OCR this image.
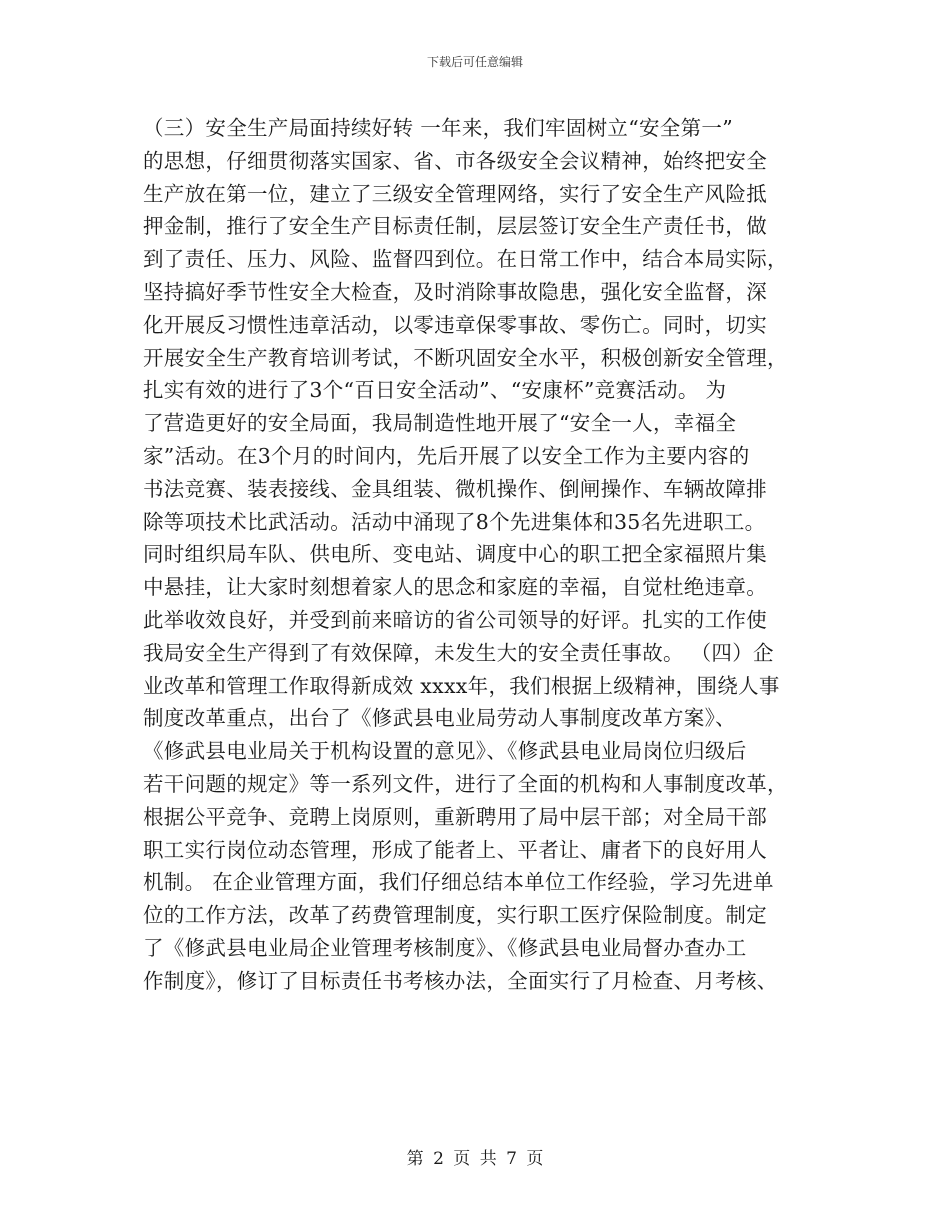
下载后可任意编辑
（三）安全生产局面持续好转 一年来，我们牢固树立“安全第一”
的思想，仔细贯彻落实国家、省、市各级安全会议精神，始终把安全
生产放在第一位，建立了三级安全管理网络，实行了安全生产风险抵
押金制，推行了安全生产目标责任制，层层签订安全生产责任书，做
到了责任、压力、风险、监督四到位。在日常工作中，结合本局实际，
坚持搞好季节性安全大检查，及时消除事故隐患，强化安全监督，深
化开展反习惯性违章活动，以零违章保零事故、零伤亡。同时，切实
开展安全生产教育培训考试，不断巩固安全水平，积极创新安全管理，
扎实有效的进行了3个“百日安全活动”、“安康杯”竞赛活动。 为
了营造更好的安全局面，我局制造性地开展了“安全一人，幸福全
家”活动。在3个月的时间内，先后开展了以安全工作为主要内容的
书法竞赛、装表接线、金具组装、微机操作、倒闸操作、车辆故障排
除等项技术比武活动。活动中涌现了8个先进集体和35名先进职工。
同时组织局车队、供电所、变电站、调度中心的职工把全家福照片集
中悬挂，让大家时刻想着家人的思念和家庭的幸福，自觉杜绝违章。
此举收效良好，并受到前来暗访的省公司领导的好评。扎实的工作使
我局安全生产得到了有效保障，未发生大的安全责任事故。 （四）企
业改革和管理工作取得新成效 xxxx年，我们根据上级精神，围绕人事
制度改革重点，出台了《修武县电业局劳动人事制度改革方案》、
《修武县电业局关于机构设置的意见》、《修武县电业局岗位归级后
若干问题的规定》等一系列文件，进行了全面的机构和人事制度改革，
根据公平竞争、竞聘上岗原则，重新聘用了局中层干部；对全局干部
职工实行岗位动态管理，形成了能者上、平者让、庸者下的良好用人
机制。 在企业管理方面，我们仔细总结本单位工作经验，学习先进单
位的工作方法，改革了药费管理制度，实行职工医疗保险制度。制定
了《修武县电业局企业管理考核制度》、《修武县电业局督办查办工
作制度》，修订了目标责任书考核办法，全面实行了月检查、月考核、
第 2 页 共 7 页
